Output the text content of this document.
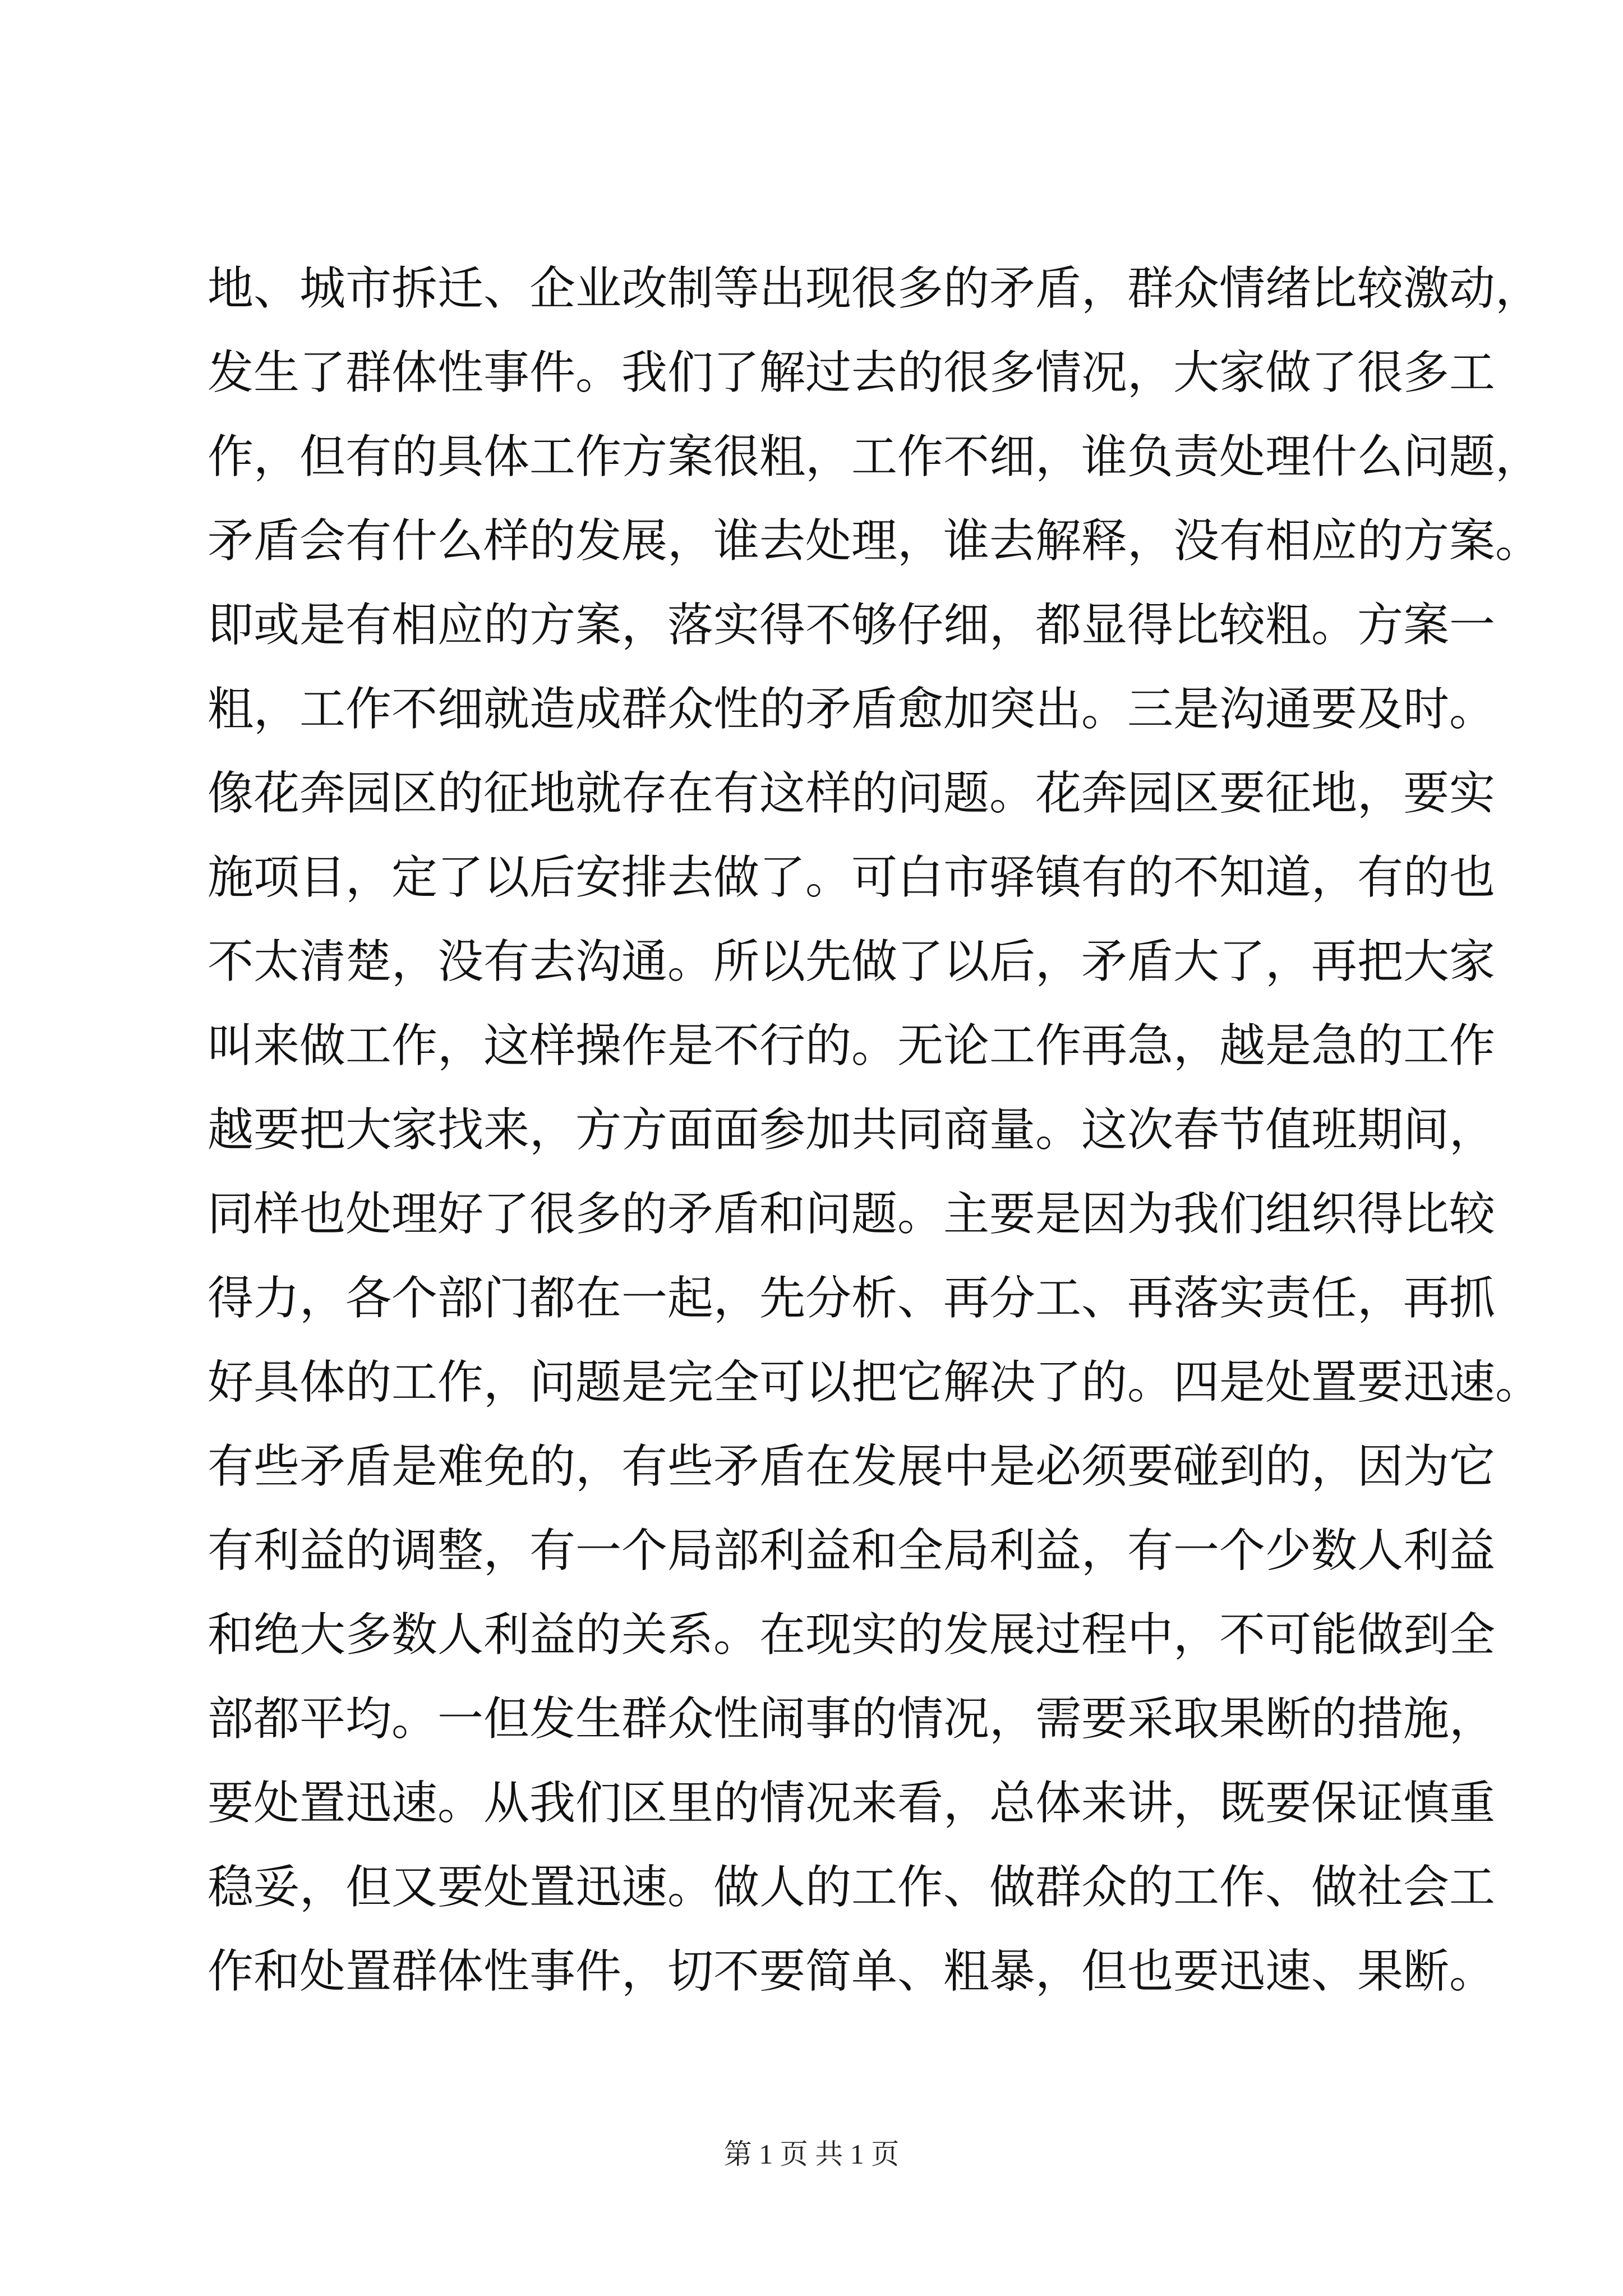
地、城市拆迁、企业改制等出现很多的矛盾，群众情绪比较激动，
发生了群体性事件。我们了解过去的很多情况，大家做了很多工
作，但有的具体工作方案很粗，工作不细，谁负责处理什么问题，
矛盾会有什么样的发展，谁去处理，谁去解释，没有相应的方案。
即或是有相应的方案，落实得不够仔细，都显得比较粗。方案一
粗，工作不细就造成群众性的矛盾愈加突出。三是沟通要及时。
像花奔园区的征地就存在有这样的问题。花奔园区要征地，要实
施项目，定了以后安排去做了。可白市驿镇有的不知道，有的也
不太清楚，没有去沟通。所以先做了以后，矛盾大了，再把大家
叫来做工作，这样操作是不行的。无论工作再急，越是急的工作
越要把大家找来，方方面面参加共同商量。这次春节值班期间，
同样也处理好了很多的矛盾和问题。主要是因为我们组织得比较
得力，各个部门都在一起，先分析、再分工、再落实责任，再抓
好具体的工作，问题是完全可以把它解决了的。四是处置要迅速。
有些矛盾是难免的，有些矛盾在发展中是必须要碰到的，因为它
有利益的调整，有一个局部利益和全局利益，有一个少数人利益
和绝大多数人利益的关系。在现实的发展过程中，不可能做到全
部都平均。一但发生群众性闹事的情况，需要采取果断的措施，
要处置迅速。从我们区里的情况来看，总体来讲，既要保证慎重
稳妥，但又要处置迅速。做人的工作、做群众的工作、做社会工
作和处置群体性事件，切不要简单、粗暴，但也要迅速、果断。
第 1 页 共 1 页
